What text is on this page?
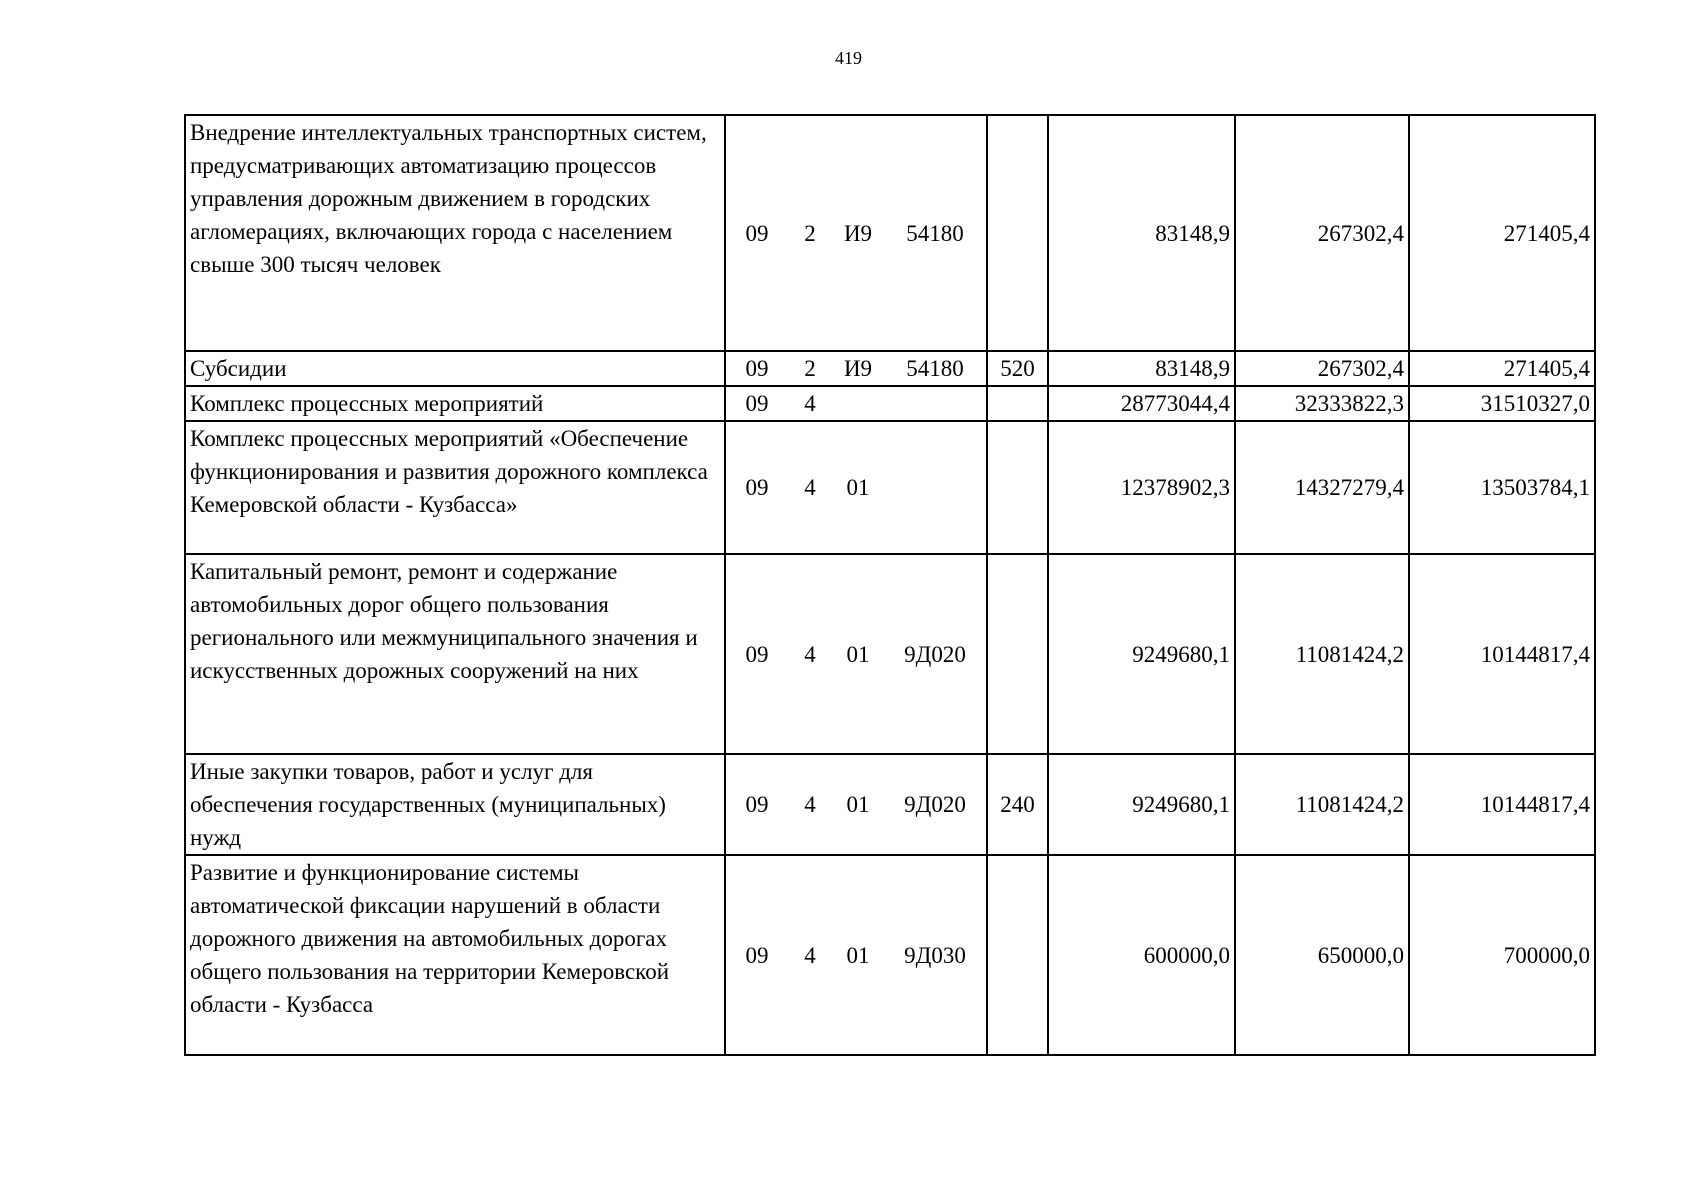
419
Внедрение интеллектуальных транспортных систем, предусматривающих автоматизацию процессов управления дорожным движением в городских агломерациях, включающих города с населением свыше 300 тысяч человек	09 2 И9 54180		83148,9	267302,4	271405,4
Субсидии	09 2 И9 54180	520	83148,9	267302,4	271405,4
Комплекс процессных мероприятий	09 4		28773044,4	32333822,3	31510327,0
Комплекс процессных мероприятий «Обеспечение функционирования и развития дорожного комплекса Кемеровской области - Кузбасса»	09 4 01		12378902,3	14327279,4	13503784,1
Капитальный ремонт, ремонт и содержание автомобильных дорог общего пользования регионального или межмуниципального значения и искусственных дорожных сооружений на них	09 4 01 9Д020		9249680,1	11081424,2	10144817,4
Иные закупки товаров, работ и услуг для обеспечения государственных (муниципальных) нужд	09 4 01 9Д020	240	9249680,1	11081424,2	10144817,4
Развитие и функционирование системы автоматической фиксации нарушений в области дорожного движения на автомобильных дорогах общего пользования на территории Кемеровской области - Кузбасса	09 4 01 9Д030		600000,0	650000,0	700000,0
